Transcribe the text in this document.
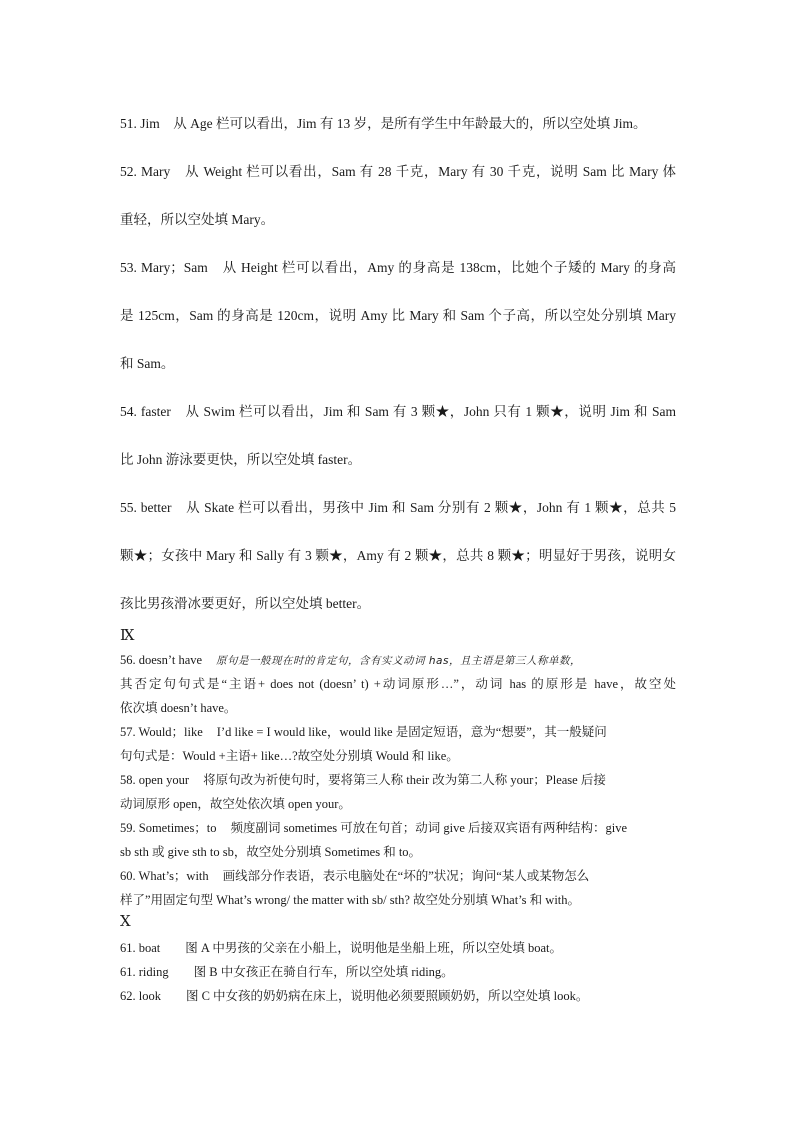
51. Jim　从 Age 栏可以看出，Jim 有 13 岁，是所有学生中年龄最大的，所以空处填 Jim。
52. Mary　从 Weight 栏可以看出，Sam 有 28 千克，Mary 有 30 千克，说明 Sam 比 Mary 体
重轻，所以空处填 Mary。
53. Mary；Sam　从 Height 栏可以看出，Amy 的身高是 138cm，比她个子矮的 Mary 的身高
是 125cm，Sam 的身高是 120cm，说明 Amy 比 Mary 和 Sam 个子高，所以空处分别填 Mary
和 Sam。
54. faster　从 Swim 栏可以看出，Jim 和 Sam 有 3 颗★，John 只有 1 颗★，说明 Jim 和 Sam
比 John 游泳要更快，所以空处填 faster。
55. better　从 Skate 栏可以看出，男孩中 Jim 和 Sam 分别有 2 颗★，John 有 1 颗★，总共 5
颗★；女孩中 Mary 和 Sally 有 3 颗★，Amy 有 2 颗★，总共 8 颗★；明显好于男孩，说明女
孩比男孩滑冰要更好，所以空处填 better。
Ⅸ
56. doesn’t have 原句是一般现在时的肯定句，含有实义动词 has，且主语是第三人称单数，
其否定句句式是“主语+ does not (doesn’ t) +动词原形…”，动词 has 的原形是 have，故空处
依次填 doesn’t have。
57. Would；like I’d like = I would like，would like 是固定短语，意为“想要”，其一般疑问
句句式是：Would +主语+ like…?故空处分别填 Would 和 like。
58. open your 将原句改为祈使句时，要将第三人称 their 改为第二人称 your；Please 后接
动词原形 open，故空处依次填 open your。
59. Sometimes；to 频度副词 sometimes 可放在句首；动词 give 后接双宾语有两种结构：give
sb sth 或 give sth to sb，故空处分别填 Sometimes 和 to。
60. What’s；with 画线部分作表语，表示电脑处在“坏的”状况；询问“某人或某物怎么
样了”用固定句型 What’s wrong/ the matter with sb/ sth? 故空处分别填 What’s 和 with。
Ⅹ
61. boat　　图 A 中男孩的父亲在小船上，说明他是坐船上班，所以空处填 boat。
61. riding　　图 B 中女孩正在骑自行车，所以空处填 riding。
62. look　　图 C 中女孩的奶奶病在床上，说明他必须要照顾奶奶，所以空处填 look。
